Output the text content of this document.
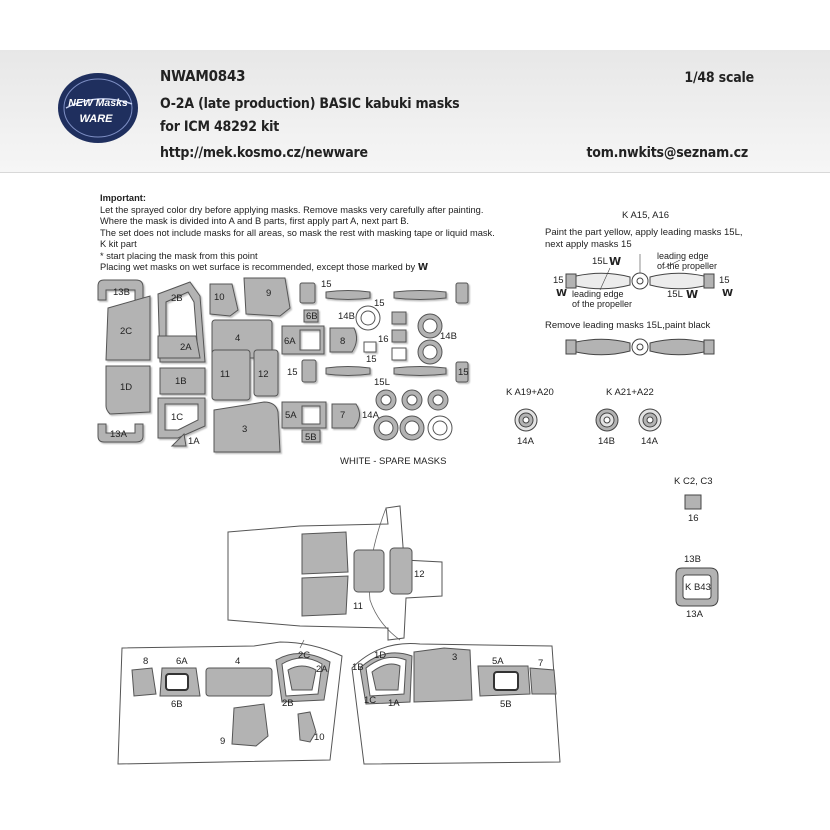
NEW Masks
WARE
13B
2B	10	9
15
2C
2A
6B 14B
15
6A	8
4	16	14B
15
1D
1B
11	12 15
15L
15
1C	5A	7 14A
13A
1A
3
5B
WHITE - SPARE MASKS
K A15, A16
Paint the part yellow, apply leading masks 15L,
next apply masks 15
15L 𝗪
15
𝗪
15
𝗪
15L 𝗪
leading edge
of the propeller
leading edge
of the propeller
Remove leading masks 15L,paint black
K A19+A20
14A
K A21+A22
14B	14A
K C2, C3
16
13B
K B43
13A
12
11
8	6A	4
2C
2A
6B	2B
9	10
1D
1B
3	5A	7
1C 1A	5B
NWAM0843	1/48 scale
O-2A (late production) BASIC kabuki masks
for ICM 48292 kit
http://mek.kosmo.cz/newware	tom.nwkits@seznam.cz
Important:
Let the sprayed color dry before applying masks. Remove masks very carefully after painting.
Where the mask is divided into A and B parts, first apply part A, next part B.
The set does not include masks for all areas, so mask the rest with masking tape or liquid mask.
K kit part
* start placing the mask from this point
Placing wet masks on wet surface is recommended, except those marked by 𝗪
